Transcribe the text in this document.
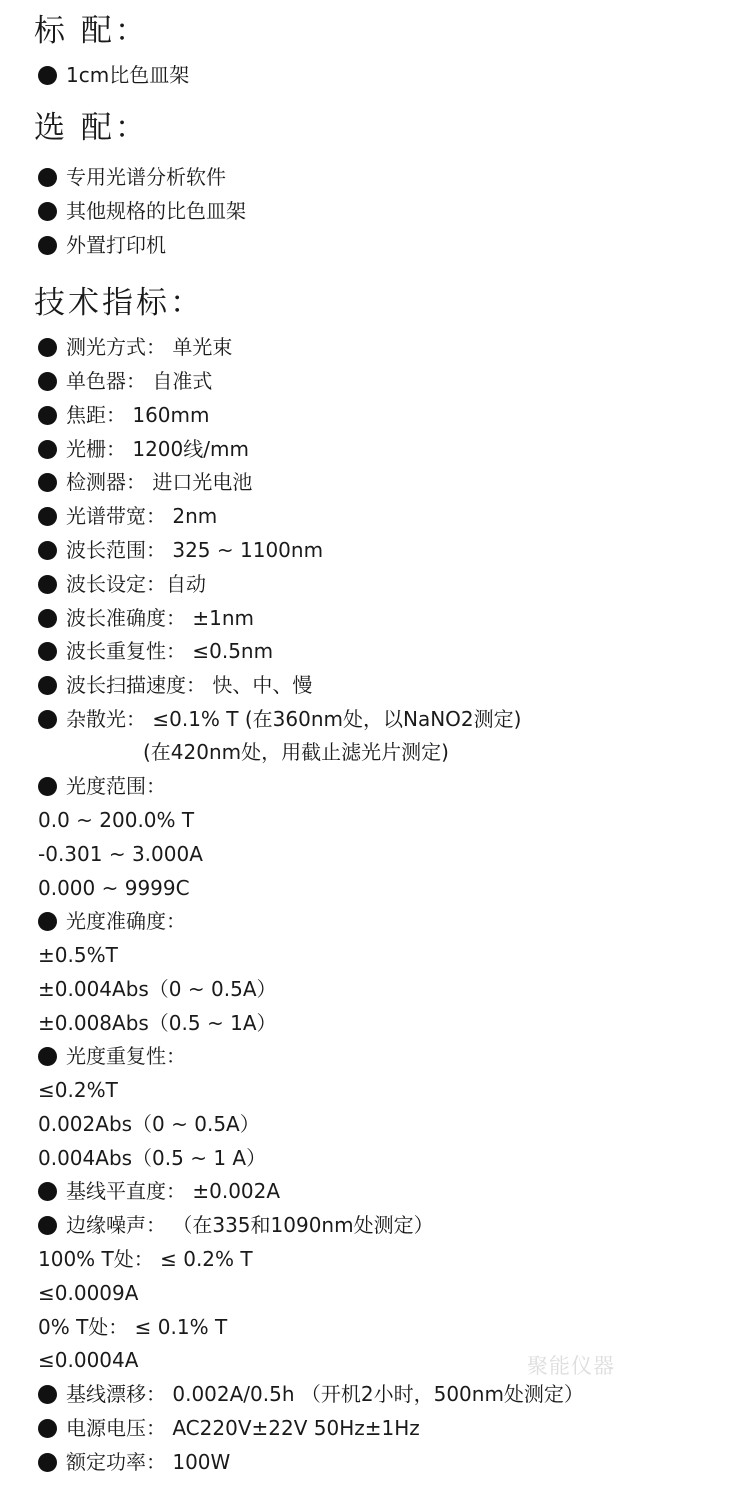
标 配：
1cm比色皿架
选 配：
专用光谱分析软件
其他规格的比色皿架
外置打印机
技术指标：
测光方式： 单光束
单色器： 自准式
焦距： 160mm
光栅： 1200线/mm
检测器： 进口光电池
光谱带宽： 2nm
波长范围： 325 ~ 1100nm
波长设定：自动
波长准确度： ±1nm
波长重复性： ≤0.5nm
波长扫描速度： 快、中、慢
杂散光： ≤0.1% T (在360nm处，以NaNO2测定)
(在420nm处，用截止滤光片测定)
光度范围：
0.0 ~ 200.0% T
-0.301 ~ 3.000A
0.000 ~ 9999C
光度准确度：
±0.5%T
±0.004Abs（0 ~ 0.5A）
±0.008Abs（0.5 ~ 1A）
光度重复性：
≤0.2%T
0.002Abs（0 ~ 0.5A）
0.004Abs（0.5 ~ 1 A）
基线平直度： ±0.002A
边缘噪声： （在335和1090nm处测定）
100% T处： ≤ 0.2% T
≤0.0009A
0% T处： ≤ 0.1% T
≤0.0004A
基线漂移： 0.002A/0.5h （开机2小时，500nm处测定）
电源电压： AC220V±22V 50Hz±1Hz
额定功率： 100W
聚能仪器
